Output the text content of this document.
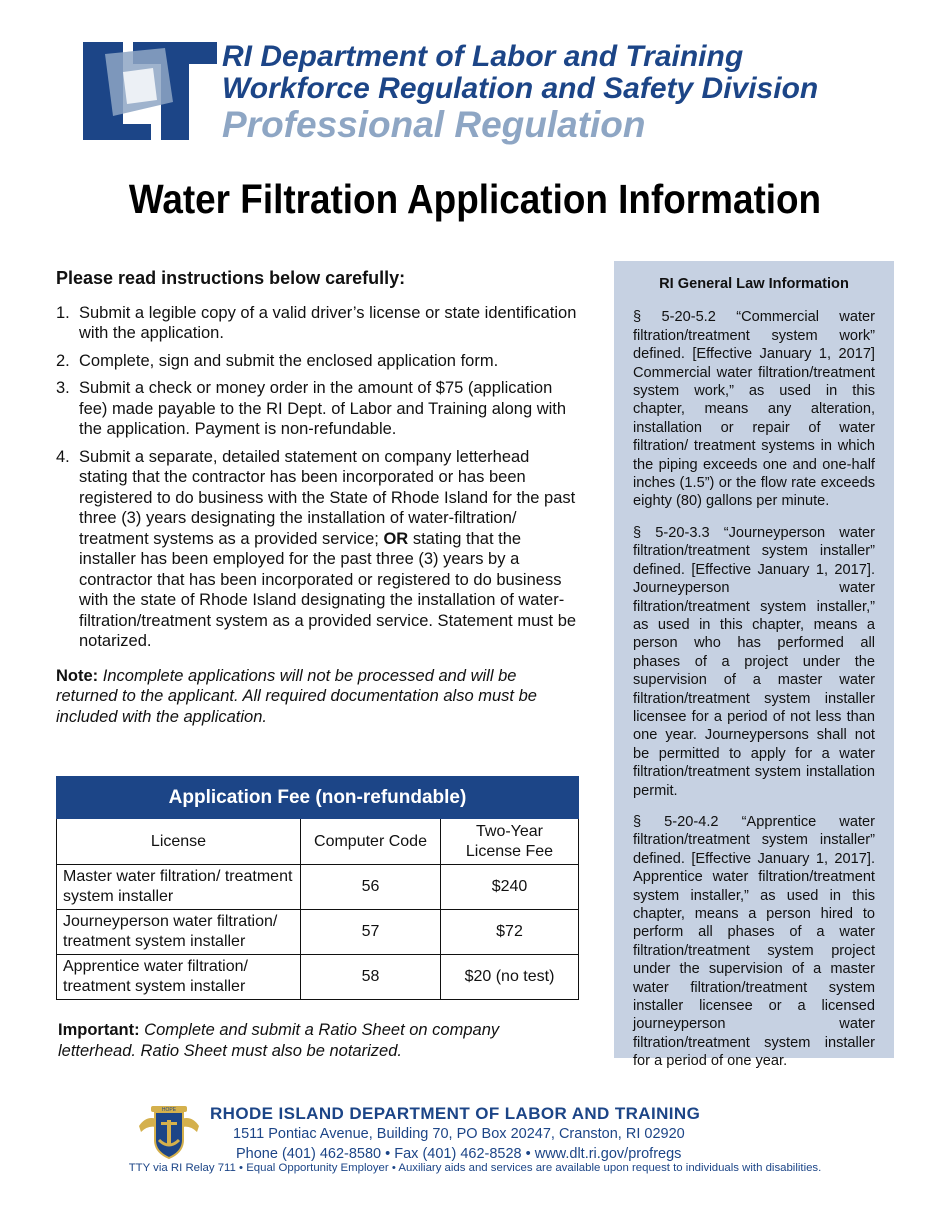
RI Department of Labor and Training
Workforce Regulation and Safety Division
Professional Regulation
Water Filtration Application Information
Please read instructions below carefully:
1. Submit a legible copy of a valid driver’s license or state identification with the application.
2. Complete, sign and submit the enclosed application form.
3. Submit a check or money order in the amount of $75 (application fee) made payable to the RI Dept. of Labor and Training along with the application. Payment is non-refundable.
4. Submit a separate, detailed statement on company letterhead stating that the contractor has been incorporated or has been registered to do business with the State of Rhode Island for the past three (3) years designating the installation of water-filtration/ treatment systems as a provided service; OR stating that the installer has been employed for the past three (3) years by a contractor that has been incorporated or registered to do business with the state of Rhode Island designating the installation of water-filtration/treatment system as a provided service. Statement must be notarized.
Note: Incomplete applications will not be processed and will be returned to the applicant. All required documentation also must be included with the application.
Application Fee (non-refundable)		
License	Computer Code	Two-Year License Fee
Master water filtration/ treatment system installer	56	$240
Journeyperson water filtration/ treatment system installer	57	$72
Apprentice water filtration/ treatment system installer	58	$20 (no test)
Important: Complete and submit a Ratio Sheet on company letterhead. Ratio Sheet must also be notarized.
RI General Law Information
§ 5-20-5.2 “Commercial water filtration/treatment system work” defined. [Effective January 1, 2017] Commercial water filtration/treatment system work,” as used in this chapter, means any alteration, installation or repair of water filtration/ treatment systems in which the piping exceeds one and one-half inches (1.5”) or the flow rate exceeds eighty (80) gallons per minute.
§ 5-20-3.3 “Journeyperson water filtration/treatment system installer” defined. [Effective January 1, 2017]. Journeyperson water filtration/treatment system installer,” as used in this chapter, means a person who has performed all phases of a project under the supervision of a master water filtration/treatment system installer licensee for a period of not less than one year. Journeypersons shall not be permitted to apply for a water filtration/treatment system installation permit.
§ 5-20-4.2 “Apprentice water filtration/treatment system installer” defined. [Effective January 1, 2017]. Apprentice water filtration/treatment system installer,” as used in this chapter, means a person hired to perform all phases of a water filtration/treatment system project under the supervision of a master water filtration/treatment system installer licensee or a licensed journeyperson water filtration/treatment system installer for a period of one year.
HOPE RHODE ISLAND DEPARTMENT OF LABOR AND TRAINING
1511 Pontiac Avenue, Building 70, PO Box 20247, Cranston, RI 02920
Phone (401) 462-8580 • Fax (401) 462-8528 • www.dlt.ri.gov/profregs
TTY via RI Relay 711 • Equal Opportunity Employer • Auxiliary aids and services are available upon request to individuals with disabilities.
